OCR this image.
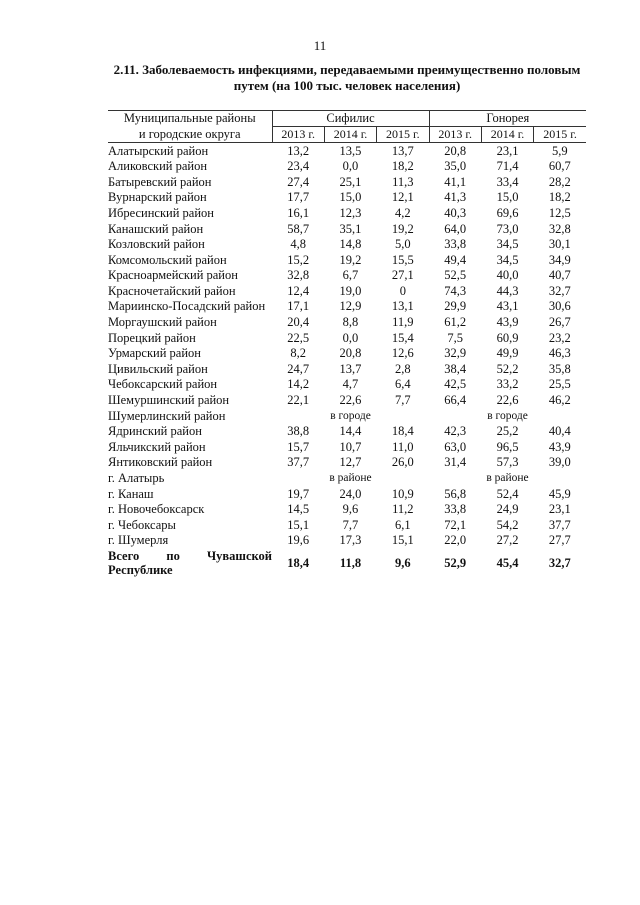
11
2.11. Заболеваемость инфекциями, передаваемыми преимущественно половым путем (на 100 тыс. человек населения)
Муниципальные районы	Сифилис			Гонорея		
и городские округа	2013 г.	2014 г.	2015 г.	2013 г.	2014 г.	2015 г.
Алатырский район	13,2	13,5	13,7	20,8	23,1	5,9
Аликовский район	23,4	0,0	18,2	35,0	71,4	60,7
Батыревский район	27,4	25,1	11,3	41,1	33,4	28,2
Вурнарский район	17,7	15,0	12,1	41,3	15,0	18,2
Ибресинский район	16,1	12,3	4,2	40,3	69,6	12,5
Канашский район	58,7	35,1	19,2	64,0	73,0	32,8
Козловский район	4,8	14,8	5,0	33,8	34,5	30,1
Комсомольский район	15,2	19,2	15,5	49,4	34,5	34,9
Красноармейский район	32,8	6,7	27,1	52,5	40,0	40,7
Красночетайский район	12,4	19,0	0	74,3	44,3	32,7
Мариинско-Посадский район	17,1	12,9	13,1	29,9	43,1	30,6
Моргаушский район	20,4	8,8	11,9	61,2	43,9	26,7
Порецкий район	22,5	0,0	15,4	7,5	60,9	23,2
Урмарский район	8,2	20,8	12,6	32,9	49,9	46,3
Цивильский район	24,7	13,7	2,8	38,4	52,2	35,8
Чебоксарский район	14,2	4,7	6,4	42,5	33,2	25,5
Шемуршинский район	22,1	22,6	7,7	66,4	22,6	46,2
Шумерлинский район	в городе			в городе		
Ядринский район	38,8	14,4	18,4	42,3	25,2	40,4
Яльчикский район	15,7	10,7	11,0	63,0	96,5	43,9
Янтиковский район	37,7	12,7	26,0	31,4	57,3	39,0
г. Алатырь	в районе			в районе		
г. Канаш	19,7	24,0	10,9	56,8	52,4	45,9
г. Новочебоксарск	14,5	9,6	11,2	33,8	24,9	23,1
г. Чебоксары	15,1	7,7	6,1	72,1	54,2	37,7
г. Шумерля	19,6	17,3	15,1	22,0	27,2	27,7
Всего по Чувашской Республике	18,4	11,8	9,6	52,9	45,4	32,7
